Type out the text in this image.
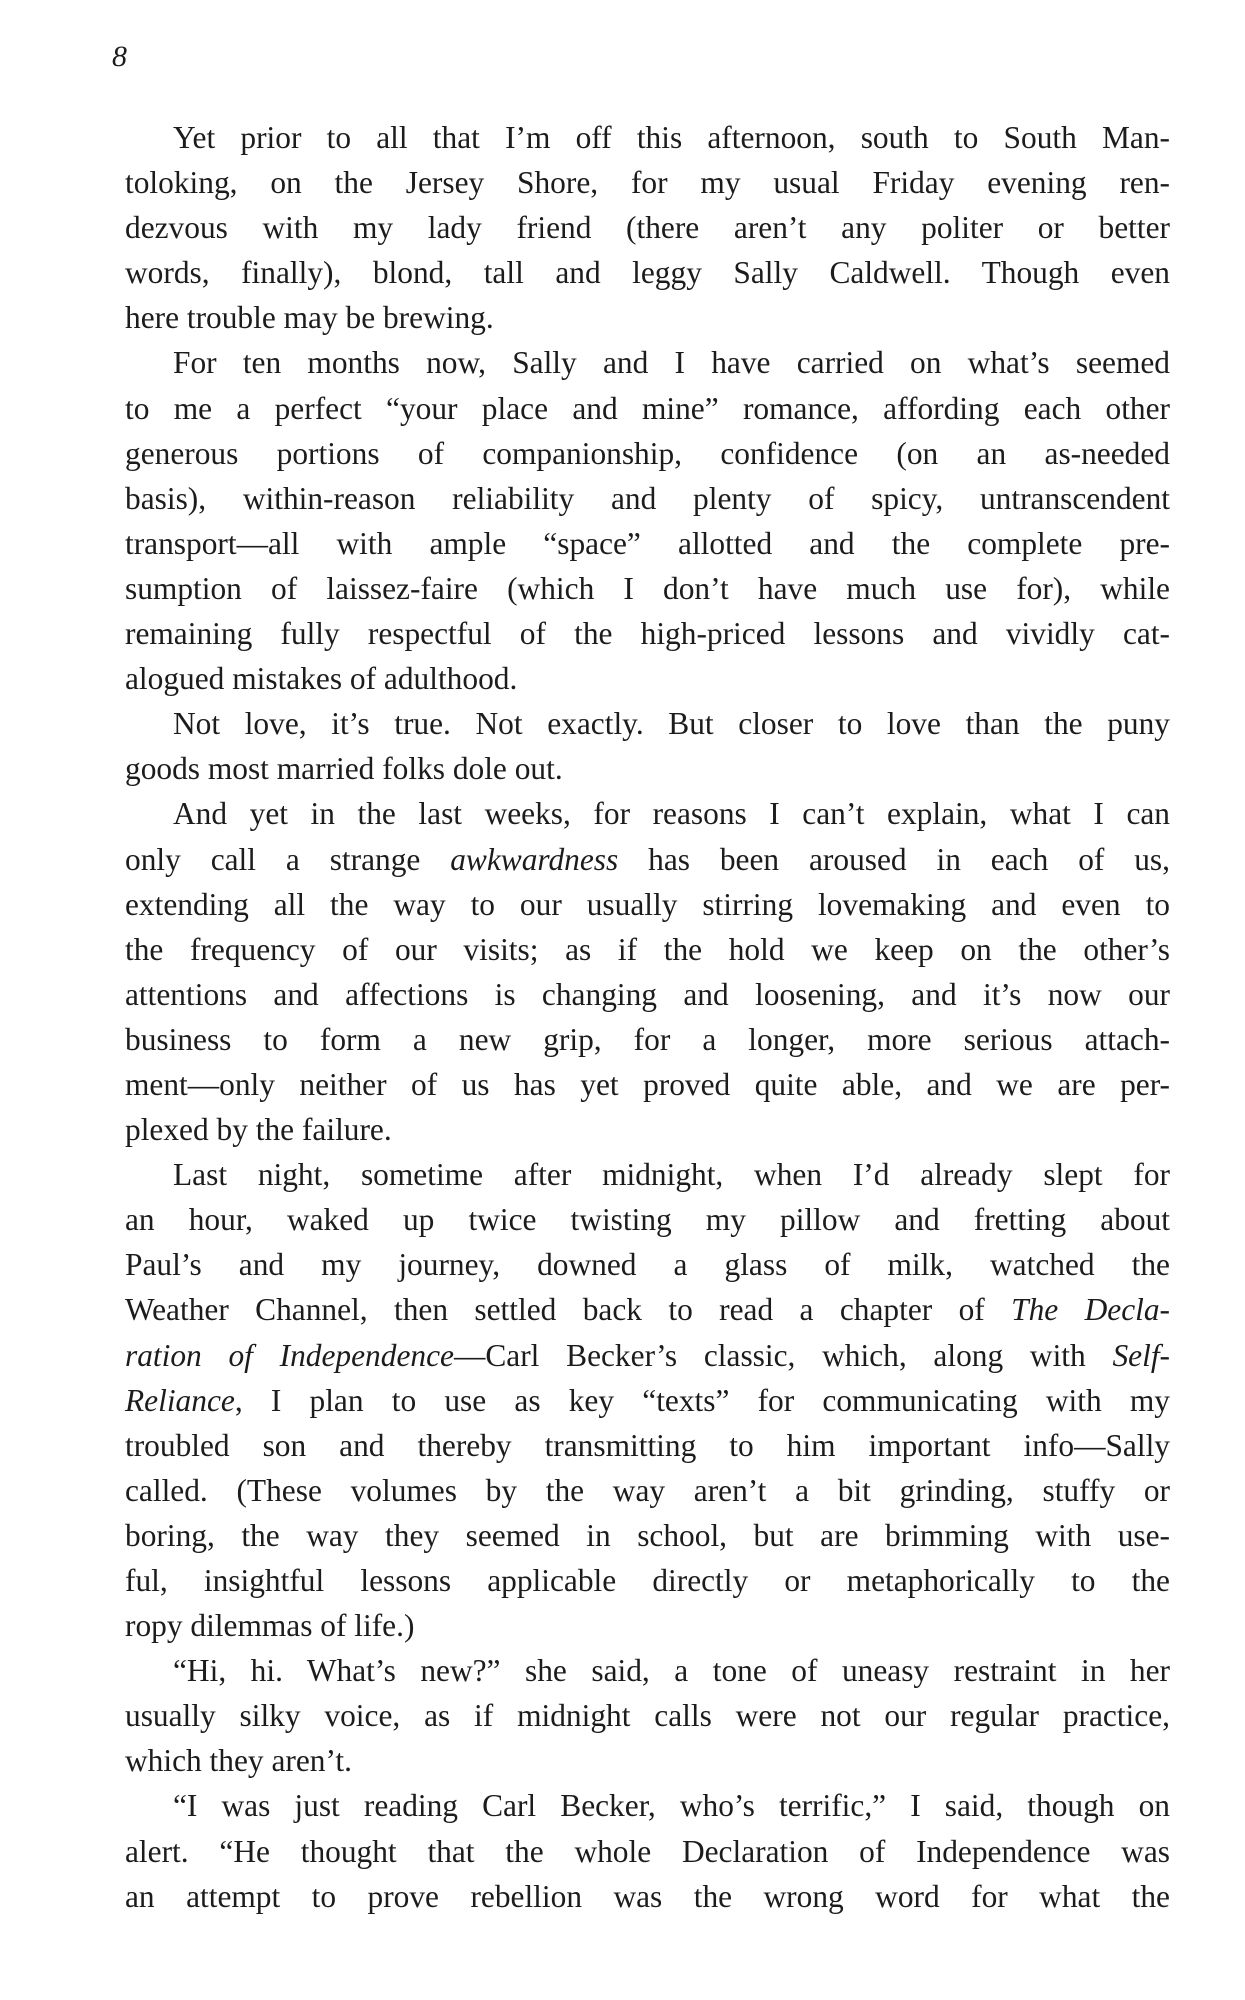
8

Yet prior to all that I’m off this afternoon, south to South Man-
toloking, on the Jersey Shore, for my usual Friday evening ren-
dezvous with my lady friend (there aren’t any politer or better
words, finally), blond, tall and leggy Sally Caldwell. Though even
here trouble may be brewing.
For ten months now, Sally and I have carried on what’s seemed
to me a perfect “your place and mine” romance, affording each other
generous portions of companionship, confidence (on an as-needed
basis), within-reason reliability and plenty of spicy, untranscendent
transport—all with ample “space” allotted and the complete pre-
sumption of laissez-faire (which I don’t have much use for), while
remaining fully respectful of the high-priced lessons and vividly cat-
alogued mistakes of adulthood.
Not love, it’s true. Not exactly. But closer to love than the puny
goods most married folks dole out.
And yet in the last weeks, for reasons I can’t explain, what I can
only call a strange awkwardness has been aroused in each of us,
extending all the way to our usually stirring lovemaking and even to
the frequency of our visits; as if the hold we keep on the other’s
attentions and affections is changing and loosening, and it’s now our
business to form a new grip, for a longer, more serious attach-
ment—only neither of us has yet proved quite able, and we are per-
plexed by the failure.
Last night, sometime after midnight, when I’d already slept for
an hour, waked up twice twisting my pillow and fretting about
Paul’s and my journey, downed a glass of milk, watched the
Weather Channel, then settled back to read a chapter of The Decla-
ration of Independence—Carl Becker’s classic, which, along with Self-
Reliance, I plan to use as key “texts” for communicating with my
troubled son and thereby transmitting to him important info—Sally
called. (These volumes by the way aren’t a bit grinding, stuffy or
boring, the way they seemed in school, but are brimming with use-
ful, insightful lessons applicable directly or metaphorically to the
ropy dilemmas of life.)
“Hi, hi. What’s new?” she said, a tone of uneasy restraint in her
usually silky voice, as if midnight calls were not our regular practice,
which they aren’t.
“I was just reading Carl Becker, who’s terrific,” I said, though on
alert. “He thought that the whole Declaration of Independence was
an attempt to prove rebellion was the wrong word for what the
